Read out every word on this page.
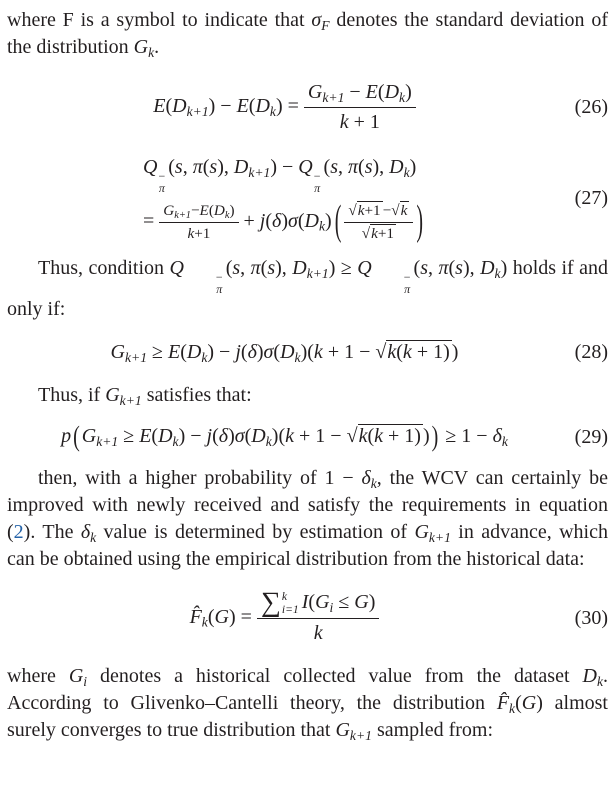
where F is a symbol to indicate that $\sigma_F$ denotes the standard deviation of the distribution $G_k$.

$E(D_{k+1}) - E(D_k) = \frac{G_{k+1} - E(D_k)}{k + 1}$	(26)
Q −
π
(s, π(s), $D_{k+1}) - Q$ −
π
(s, π(s), $D_k$)
= $\frac{G_{k+1}-E(D_k)}{k+1} + j(\delta)\sigma(D_k)$ ( $\frac{√k+1 -√k}{√k+1}$ )	(27)

Thus, condition Q	−
π
(s, π(s), $D_{k+1}) \ge Q$	−
π
(s, π(s), $D_k$) holds if and only if:

$G_{k+1} \ge E(D_k) - j(\delta)\sigma(D_k)(k + 1 - √k(k + 1)$ )	(28)

Thus, if $G_{k+1}$ satisfies that:

p ( $G_{k+1} \ge E(D_k) - j(\delta)\sigma(D_k)(k + 1 - √k(k + 1)$ ) ) ≥ $1 - \delta_k$	(29)

then, with a higher probability of $1 - \delta_k$, the WCV can certainly be improved with newly received and satisfy the requirements in equation (2). The $\delta_k$ value is determined by estimation of $G_{k+1}$ in advance, which can be obtained using the empirical distribution from the historical data:

$F̂_k(G)$ = ∑ k
i=1 $I(G_i \le G)$
k	(30)

where $G_i$ denotes a historical collected value from the dataset $D_k$. According to Glivenko–Cantelli theory, the distribution $F̂_k(G)$ almost surely converges to true distribution that $G_{k+1}$ sampled from:
